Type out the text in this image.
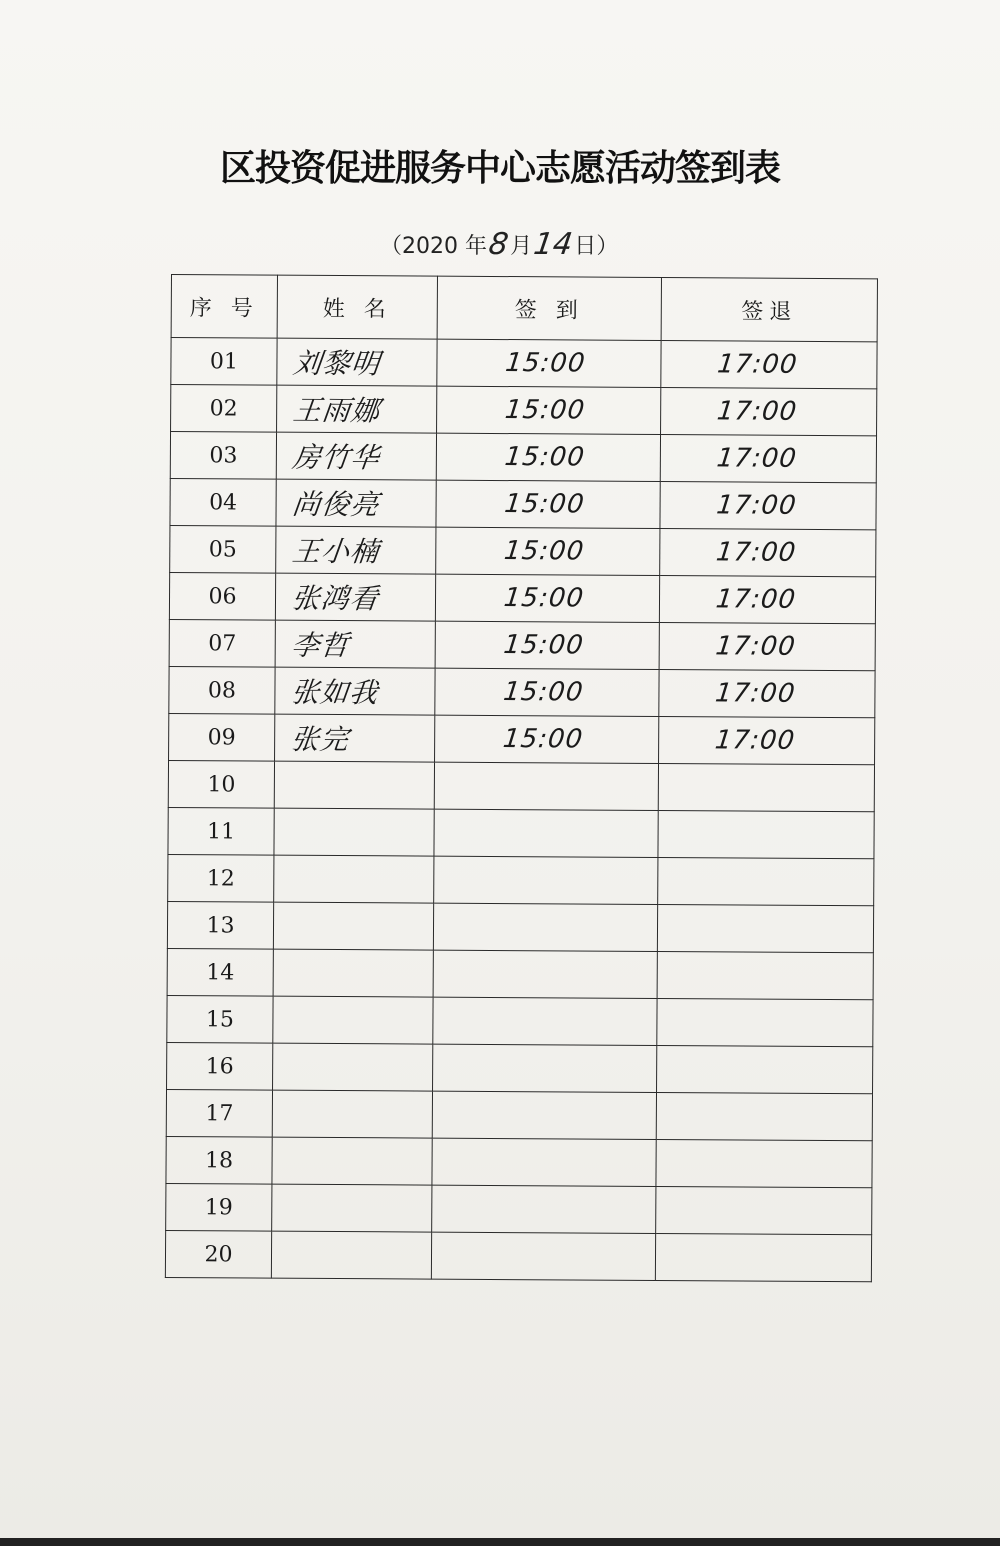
区投资促进服务中心志愿活动签到表
（ 2020 年 8 月 14 日 ）
序 号	姓 名	签 到	签退
01	刘黎明	15:00	17:00
02	王雨娜	15:00	17:00
03	房竹华	15:00	17:00
04	尚俊亮	15:00	17:00
05	王小楠	15:00	17:00
06	张鸿看	15:00	17:00
07	李哲	15:00	17:00
08	张如我	15:00	17:00
09	张完	15:00	17:00
10			
11			
12			
13			
14			
15			
16			
17			
18			
19			
20			
